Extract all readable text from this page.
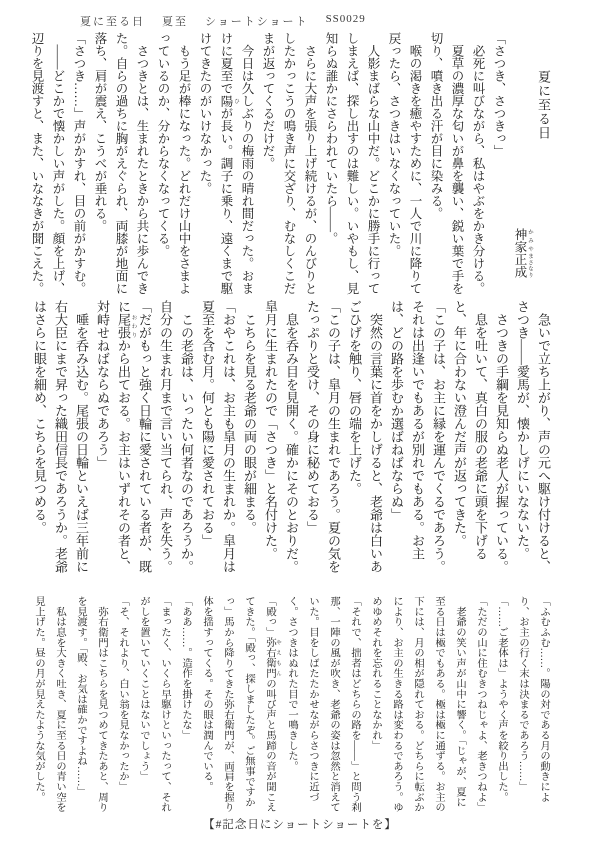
夏に至る日 夏至 ショートショート SS0029
夏に至る日
神家 かみや正成 まさなり

「さつき、さつきっ」

　必死に叫びながら、私はやぶをかき分ける。

　夏草の濃厚な匂いが鼻を襲い、鋭い葉で手を切り、噴き出る汗が目に染みる。

　喉の渇きを癒やすために、一人で川に降りて戻ったら、さつきはいなくなっていた。

　人影まばらな山中だ。どこかに勝手に行ってしまえば、探し出すのは難しい。いやもし、見知らぬ誰かにさらわれていたら――。

　さらに大声を張り上げ続けるが、のんびりとしたかっこうの鳴き声に交ざり、むなしくこだまが返ってくるだけだ。

　今日は久しぶりの梅雨の晴れ間だった。おまけに夏至で陽 ひが長い。調子に乗り、遠くまで駆けてきたのがいけなかった。

　もう足が棒になった。どれだけ山中をさまよっているのか、分からなくなってくる。

　さつきとは、生まれたときから共に歩んできた。自らの過ちに胸がえぐられ、両膝が地面に落ち、肩が震え、こうべが垂れる。

「さつき……」声がかすれ、目の前がかすむ。

　――どこかで懐かしい声がした。顔を上げ、辺りを見渡すと、また、いななきが聞こえた。

　急いで立ち上がり、声の元へ駆け付けると、さつき――愛馬が、懐かしげにいなないた。

　さつきの手綱を見知らぬ老人が握っている。

　息を吐いて、真白の服の老爺に頭を下げると、年に合わない澄んだ声が返ってきた。

「この子は、お主に縁を運んでくるであろう。それは出逢いでもあるが別れでもある。お主は、どの路を歩むか選ばねばならぬ」

　突然の言葉に首をかしげると、老爺は白いあごひげを触り、唇の端を上げた。

「この子は、皐月の生まれであろう。夏の気をたっぷりと受け、その身に秘めておる」

　息を呑み目を見開く。確かにそのとおりだ。皐月に生まれたので「さつき」と名付けた。

　こちらを見る老爺の両の眼が細まる。

「おやこれは、お主も皐月の生まれか。皐月は夏至を含む月。何とも陽に愛されておる」

　この老爺は、いったい何者なのであろうか。自分の生まれ月まで言い当てられ、声を失う。

「だがもっと強く日輪に愛されている者が、既に尾張 おわりから出ておる。お主はいずれその者と、対峙せねばならぬであろう」

　唾を呑み込む。尾張の日輪といえば三年前に右大臣にまで昇った織田信長であろうか。老爺はさらに眼を細め、こちらを見つめる。

「ふむふむ……。陽の対である月の動きにより、お主の行く末は決まるであろう……」

「……ご老体は」ようやく声を絞り出した。

「ただの山に住むきつねじゃよ、老きつねよ」

　老爺の笑い声が山中に響く。「じゃが、夏に至る日は極でもある。極は極に通ずる。お主の下には、月の相が隠れておる。どちらに転ぶかにより、お主の生きる路は変わるであろう。ゆめゆめそれを忘れることなかれ」

「それで、拙者はどちらの路を――」と問う刹那、一陣の風が吹き、老爺の姿は忽然と消えていた。目をしばたたかせながらさつきに近づく。さつきはぬれた目で一鳴きした。

「殿っ」弥右衛門 やえもんの叫び声と馬蹄の音が聞こえてきた。「殿っ、探しましたぞ。ご無事ですかっ」馬から降りてきた弥右衛門が、両肩を握り体を揺すってくる。その眼は潤んでいる。

「ああ……。造作を掛けたな」

「まったく、いくら早駆けといったって、それがしを置いていくことはないでしょう」

「そ、それより、白い翁を見なかったか」

　弥右衛門はこちらを見つめてきたあと、周りを見渡す。「殿、お気は確かですよね……」

　私は息を大きく吐き、夏に至る日の青い空を見上げた。昼の月が見えたような気がした。

【#記念日にショートショートを】
